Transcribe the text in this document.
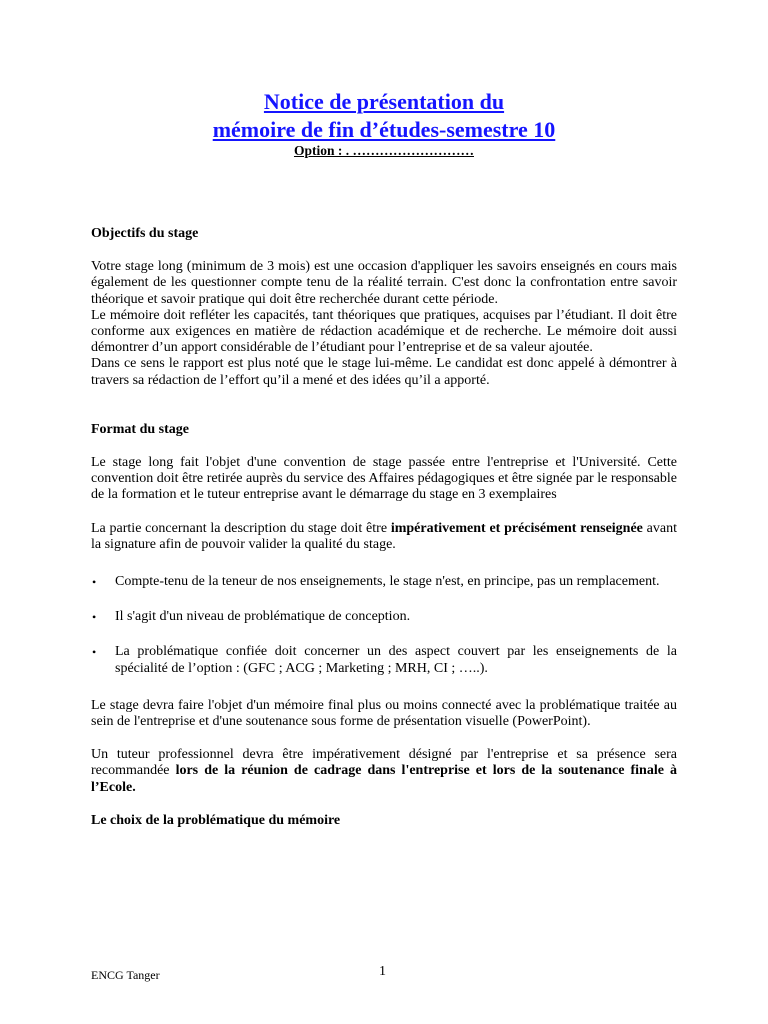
Notice de présentation du
mémoire de fin d’études-semestre 10
Option : . ………………………
Objectifs du stage

Votre stage long (minimum de 3 mois) est une occasion d'appliquer les savoirs enseignés en cours mais également de les questionner compte tenu de la réalité terrain. C'est donc la confrontation entre savoir théorique et savoir pratique qui doit être recherchée durant cette période.

Le mémoire doit refléter les capacités, tant théoriques que pratiques, acquises par l’étudiant. Il doit être conforme aux exigences en matière de rédaction académique et de recherche. Le mémoire doit aussi démontrer d’un apport considérable de l’étudiant pour l’entreprise et de sa valeur ajoutée.

Dans ce sens le rapport est plus noté que le stage lui-même. Le candidat est donc appelé à démontrer à travers sa rédaction de l’effort qu’il a mené et des idées qu’il a apporté.

Format du stage

Le stage long fait l'objet d'une convention de stage passée entre l'entreprise et l'Université. Cette convention doit être retirée auprès du service des Affaires pédagogiques et être signée par le responsable de la formation et le tuteur entreprise avant le démarrage du stage en 3 exemplaires

La partie concernant la description du stage doit être impérativement et précisément renseignée avant la signature afin de pouvoir valider la qualité du stage.

• Compte-tenu de la teneur de nos enseignements, le stage n'est, en principe, pas un remplacement.
• Il s'agit d'un niveau de problématique de conception.
• La problématique confiée doit concerner un des aspect couvert par les enseignements de la spécialité de l’option : (GFC ; ACG ; Marketing ; MRH, CI ; …..).

Le stage devra faire l'objet d'un mémoire final plus ou moins connecté avec la problématique traitée au sein de l'entreprise et d'une soutenance sous forme de présentation visuelle (PowerPoint).

Un tuteur professionnel devra être impérativement désigné par l'entreprise et sa présence sera recommandée lors de la réunion de cadrage dans l'entreprise et lors de la soutenance finale à l’Ecole.

Le choix de la problématique du mémoire
ENCG Tanger	1
